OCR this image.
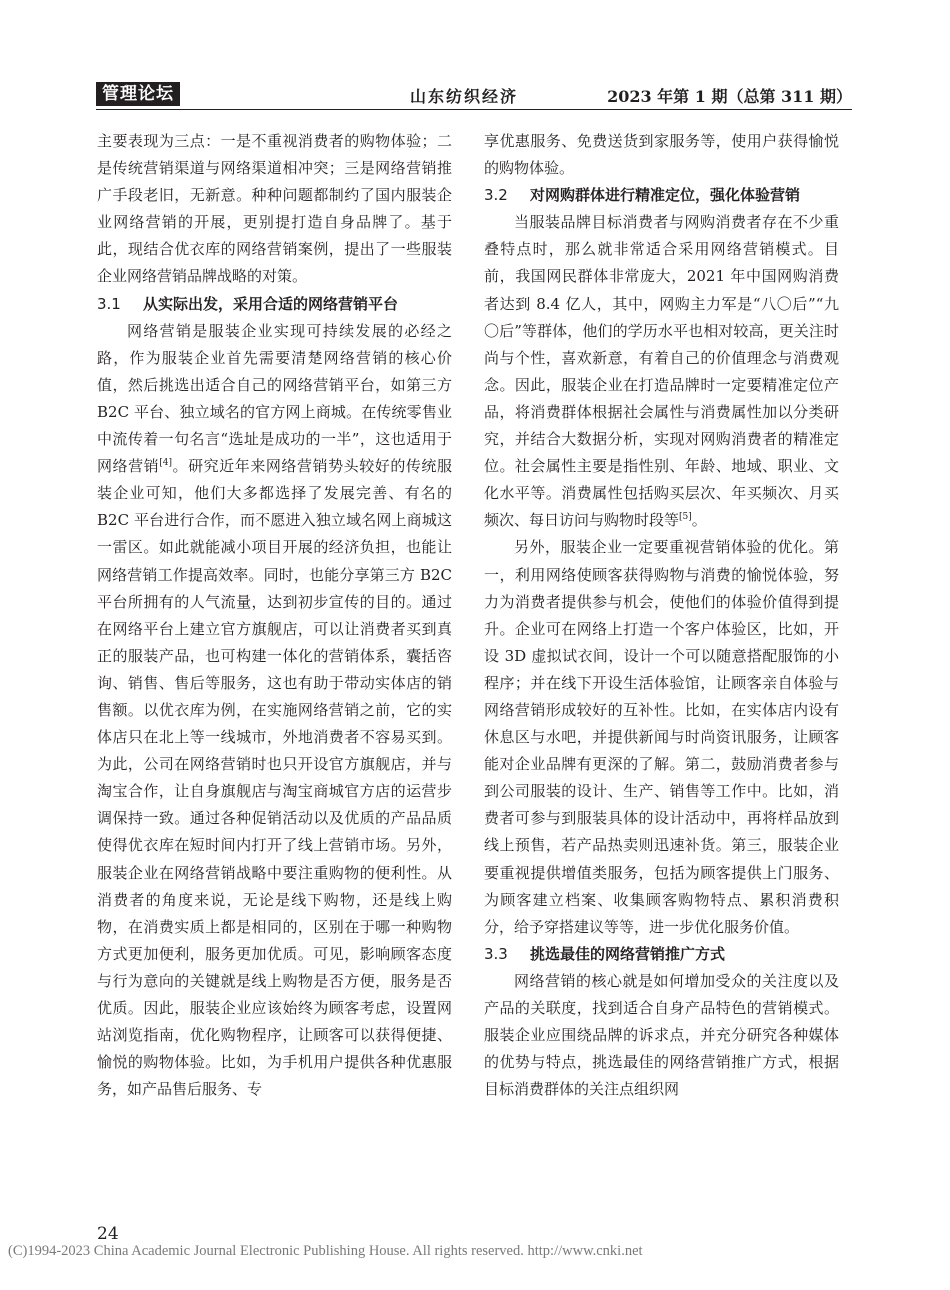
管理论坛	山东纺织经济	2023 年第 1 期（总第 311 期）

主要表现为三点：一是不重视消费者的购物体验；二是传统营销渠道与网络渠道相冲突；三是网络营销推广手段老旧，无新意。种种问题都制约了国内服装企业网络营销的开展，更别提打造自身品牌了。基于此，现结合优衣库的网络营销案例，提出了一些服装企业网络营销品牌战略的对策。

3.1 从实际出发，采用合适的网络营销平台

网络营销是服装企业实现可持续发展的必经之路，作为服装企业首先需要清楚网络营销的核心价值，然后挑选出适合自己的网络营销平台，如第三方 B2C 平台、独立域名的官方网上商城。在传统零售业中流传着一句名言“选址是成功的一半”，这也适用于网络营销[4]。研究近年来网络营销势头较好的传统服装企业可知，他们大多都选择了发展完善、有名的 B2C 平台进行合作，而不愿进入独立域名网上商城这一雷区。如此就能减小项目开展的经济负担，也能让网络营销工作提高效率。同时，也能分享第三方 B2C 平台所拥有的人气流量，达到初步宣传的目的。通过在网络平台上建立官方旗舰店，可以让消费者买到真正的服装产品，也可构建一体化的营销体系，囊括咨询、销售、售后等服务，这也有助于带动实体店的销售额。以优衣库为例，在实施网络营销之前，它的实体店只在北上等一线城市，外地消费者不容易买到。为此，公司在网络营销时也只开设官方旗舰店，并与淘宝合作，让自身旗舰店与淘宝商城官方店的运营步调保持一致。通过各种促销活动以及优质的产品品质使得优衣库在短时间内打开了线上营销市场。另外，服装企业在网络营销战略中要注重购物的便利性。从消费者的角度来说，无论是线下购物，还是线上购物，在消费实质上都是相同的，区别在于哪一种购物方式更加便利，服务更加优质。可见，影响顾客态度与行为意向的关键就是线上购物是否方便，服务是否优质。因此，服装企业应该始终为顾客考虑，设置网站浏览指南，优化购物程序，让顾客可以获得便捷、愉悦的购物体验。比如，为手机用户提供各种优惠服务，如产品售后服务、专

享优惠服务、免费送货到家服务等，使用户获得愉悦的购物体验。

3.2 对网购群体进行精准定位，强化体验营销

当服装品牌目标消费者与网购消费者存在不少重叠特点时，那么就非常适合采用网络营销模式。目前，我国网民群体非常庞大，2021 年中国网购消费者达到 8.4 亿人，其中，网购主力军是“八〇后”“九〇后”等群体，他们的学历水平也相对较高，更关注时尚与个性，喜欢新意，有着自己的价值理念与消费观念。因此，服装企业在打造品牌时一定要精准定位产品，将消费群体根据社会属性与消费属性加以分类研究，并结合大数据分析，实现对网购消费者的精准定位。社会属性主要是指性别、年龄、地域、职业、文化水平等。消费属性包括购买层次、年买频次、月买频次、每日访问与购物时段等[5]。

另外，服装企业一定要重视营销体验的优化。第一，利用网络使顾客获得购物与消费的愉悦体验，努力为消费者提供参与机会，使他们的体验价值得到提升。企业可在网络上打造一个客户体验区，比如，开设 3D 虚拟试衣间，设计一个可以随意搭配服饰的小程序；并在线下开设生活体验馆，让顾客亲自体验与网络营销形成较好的互补性。比如，在实体店内设有休息区与水吧，并提供新闻与时尚资讯服务，让顾客能对企业品牌有更深的了解。第二，鼓励消费者参与到公司服装的设计、生产、销售等工作中。比如，消费者可参与到服装具体的设计活动中，再将样品放到线上预售，若产品热卖则迅速补货。第三，服装企业要重视提供增值类服务，包括为顾客提供上门服务、为顾客建立档案、收集顾客购物特点、累积消费积分，给予穿搭建议等等，进一步优化服务价值。

3.3 挑选最佳的网络营销推广方式

网络营销的核心就是如何增加受众的关注度以及产品的关联度，找到适合自身产品特色的营销模式。服装企业应围绕品牌的诉求点，并充分研究各种媒体的优势与特点，挑选最佳的网络营销推广方式，根据目标消费群体的关注点组织网

24
(C)1994-2023 China Academic Journal Electronic Publishing House. All rights reserved. http://www.cnki.net
